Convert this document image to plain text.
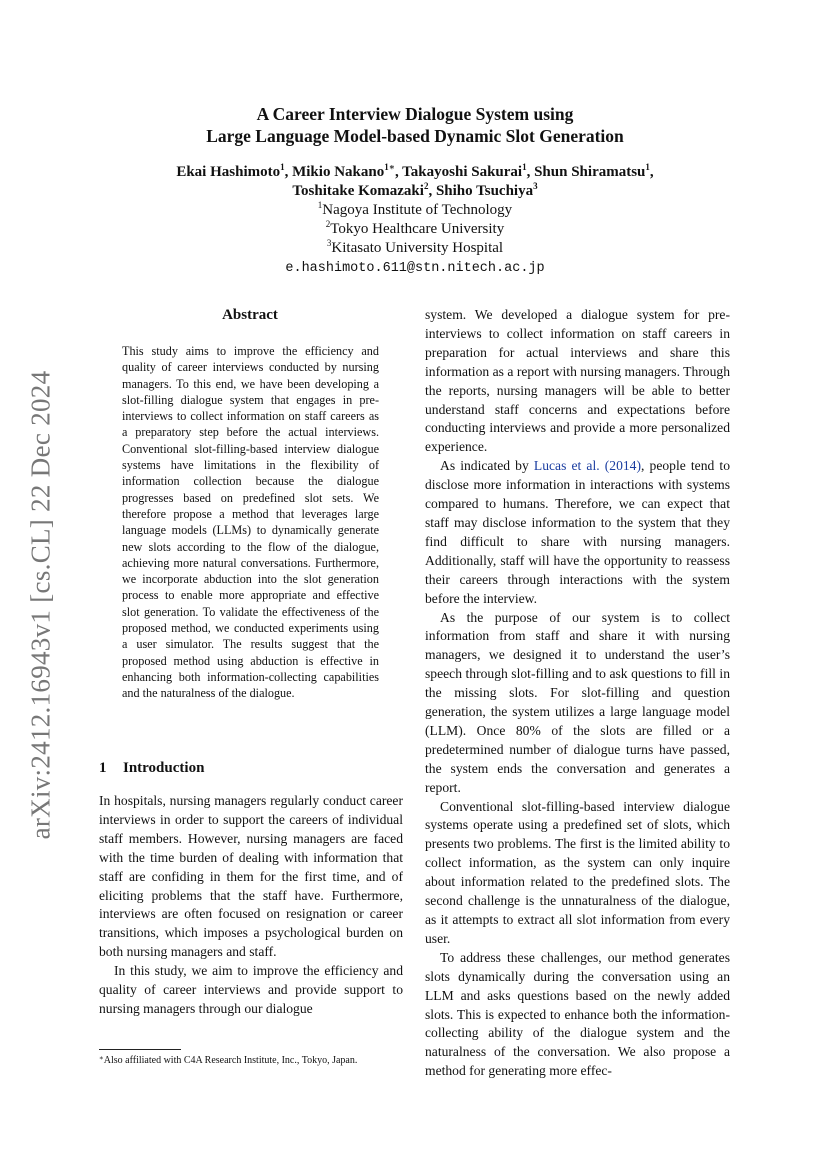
arXiv:2412.16943v1 [cs.CL] 22 Dec 2024
A Career Interview Dialogue System using
Large Language Model-based Dynamic Slot Generation
Ekai Hashimoto$^1$, Mikio Nakano$^{1∗}$, Takayoshi Sakurai$^1$, Shun Shiramatsu$^1$,
Toshitake Komazaki$^2$, Shiho Tsuchiya$^3$
$^1$Nagoya Institute of Technology
$^2$Tokyo Healthcare University
$^3$Kitasato University Hospital
e.hashimoto.611@stn.nitech.ac.jp
Abstract
This study aims to improve the efficiency and quality of career interviews conducted by nursing managers. To this end, we have been developing a slot-filling dialogue system that engages in pre-interviews to collect information on staff careers as a preparatory step before the actual interviews. Conventional slot-filling-based interview dialogue systems have limitations in the flexibility of information collection because the dialogue progresses based on predefined slot sets. We therefore propose a method that leverages large language models (LLMs) to dynamically generate new slots according to the flow of the dialogue, achieving more natural conversations. Furthermore, we incorporate abduction into the slot generation process to enable more appropriate and effective slot generation. To validate the effectiveness of the proposed method, we conducted experiments using a user simulator. The results suggest that the proposed method using abduction is effective in enhancing both information-collecting capabilities and the naturalness of the dialogue.
1 Introduction

In hospitals, nursing managers regularly conduct career interviews in order to support the careers of individual staff members. However, nursing managers are faced with the time burden of dealing with information that staff are confiding in them for the first time, and of eliciting problems that the staff have. Furthermore, interviews are often focused on resignation or career transitions, which imposes a psychological burden on both nursing managers and staff.

In this study, we aim to improve the efficiency and quality of career interviews and provide support to nursing managers through our dialogue

∗Also affiliated with C4A Research Institute, Inc., Tokyo, Japan.

system. We developed a dialogue system for pre-interviews to collect information on staff careers in preparation for actual interviews and share this information as a report with nursing managers. Through the reports, nursing managers will be able to better understand staff concerns and expectations before conducting interviews and provide a more personalized experience.

As indicated by Lucas et al. (2014), people tend to disclose more information in interactions with systems compared to humans. Therefore, we can expect that staff may disclose information to the system that they find difficult to share with nursing managers. Additionally, staff will have the opportunity to reassess their careers through interactions with the system before the interview.

As the purpose of our system is to collect information from staff and share it with nursing managers, we designed it to understand the user’s speech through slot-filling and to ask questions to fill in the missing slots. For slot-filling and question generation, the system utilizes a large language model (LLM). Once 80% of the slots are filled or a predetermined number of dialogue turns have passed, the system ends the conversation and generates a report.

Conventional slot-filling-based interview dialogue systems operate using a predefined set of slots, which presents two problems. The first is the limited ability to collect information, as the system can only inquire about information related to the predefined slots. The second challenge is the unnaturalness of the dialogue, as it attempts to extract all slot information from every user.

To address these challenges, our method generates slots dynamically during the conversation using an LLM and asks questions based on the newly added slots. This is expected to enhance both the information-collecting ability of the dialogue system and the naturalness of the conversation. We also propose a method for generating more effec-
